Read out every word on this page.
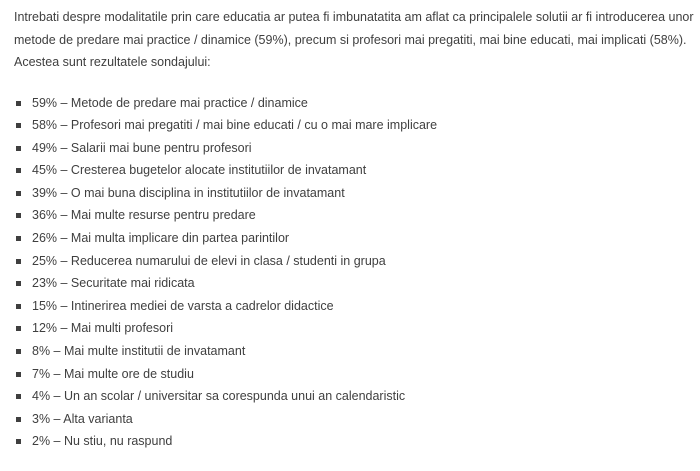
Intrebati despre modalitatile prin care educatia ar putea fi imbunatatita am aflat ca principalele solutii ar fi introducerea unor metode de predare mai practice / dinamice (59%), precum si profesori mai pregatiti, mai bine educati, mai implicati (58%). Acestea sunt rezultatele sondajului:

59% – Metode de predare mai practice / dinamice
58% – Profesori mai pregatiti / mai bine educati / cu o mai mare implicare
49% – Salarii mai bune pentru profesori
45% – Cresterea bugetelor alocate institutiilor de invatamant
39% – O mai buna disciplina in institutiilor de invatamant
36% – Mai multe resurse pentru predare
26% – Mai multa implicare din partea parintilor
25% – Reducerea numarului de elevi in clasa / studenti in grupa
23% – Securitate mai ridicata
15% – Intinerirea mediei de varsta a cadrelor didactice
12% – Mai multi profesori
8% – Mai multe institutii de invatamant
7% – Mai multe ore de studiu
4% – Un an scolar / universitar sa corespunda unui an calendaristic
3% – Alta varianta
2% – Nu stiu, nu raspund
